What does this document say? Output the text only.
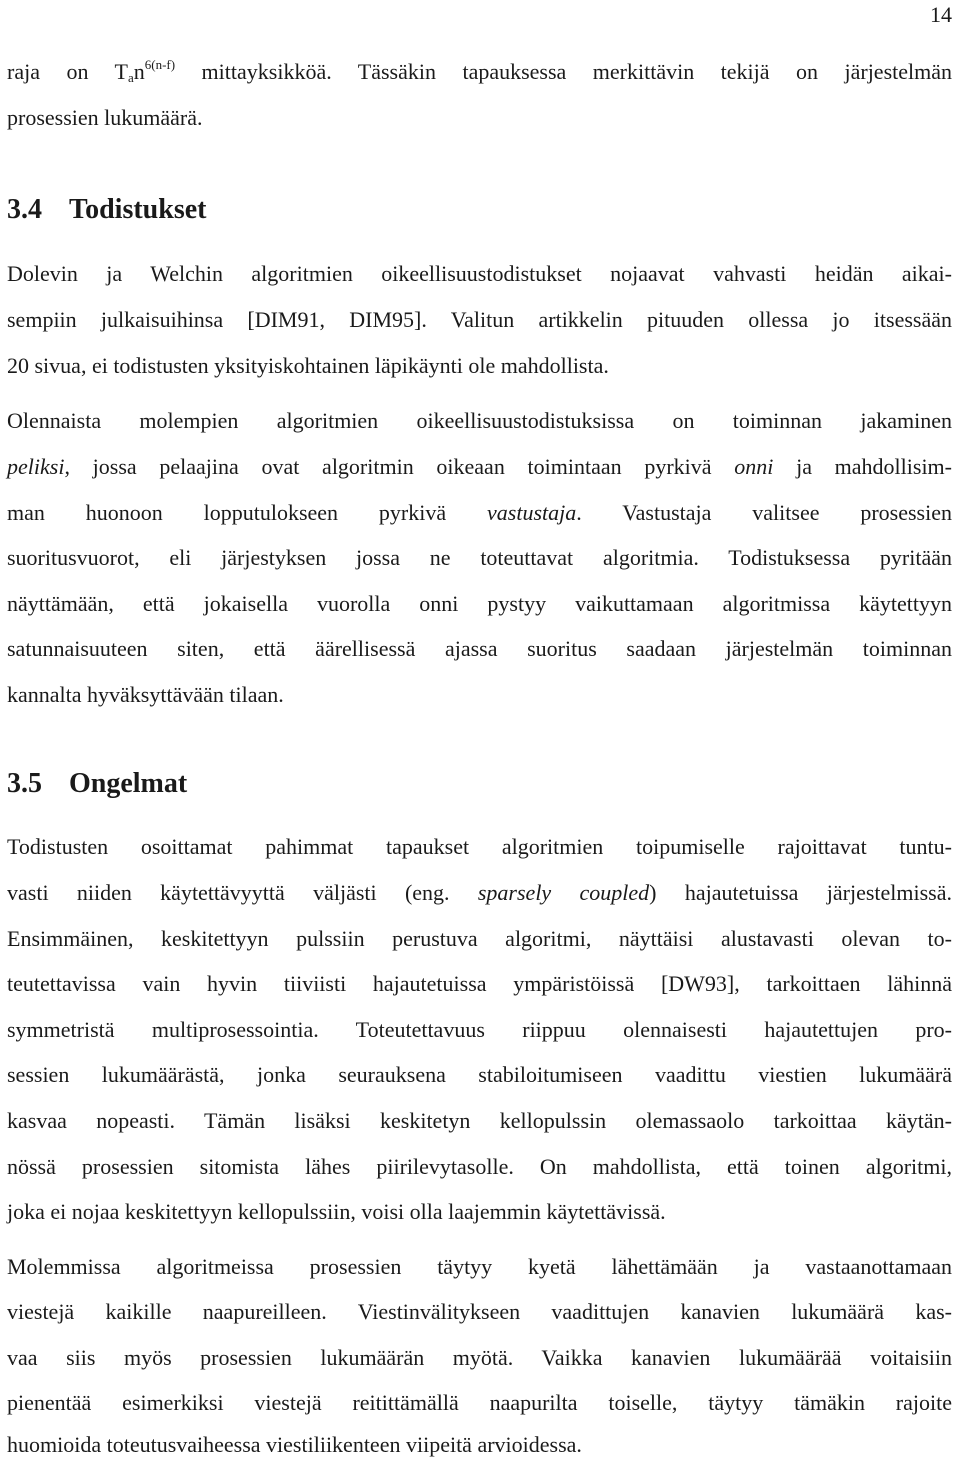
14
raja on $T_an^{6(n-f)}$ mittayksikköä. Tässäkin tapauksessa merkittävin tekijä on järjestelmän
prosessien lukumäärä.
3.4 Todistukset
Dolevin ja Welchin algoritmien oikeellisuustodistukset nojaavat vahvasti heidän aikai-
sempiin julkaisuihinsa [DIM91, DIM95]. Valitun artikkelin pituuden ollessa jo itsessään
20 sivua, ei todistusten yksityiskohtainen läpikäynti ole mahdollista.
Olennaista molempien algoritmien oikeellisuustodistuksissa on toiminnan jakaminen
peliksi, jossa pelaajina ovat algoritmin oikeaan toimintaan pyrkivä onni ja mahdollisim-
man huonoon lopputulokseen pyrkivä vastustaja. Vastustaja valitsee prosessien
suoritusvuorot, eli järjestyksen jossa ne toteuttavat algoritmia. Todistuksessa pyritään
näyttämään, että jokaisella vuorolla onni pystyy vaikuttamaan algoritmissa käytettyyn
satunnaisuuteen siten, että äärellisessä ajassa suoritus saadaan järjestelmän toiminnan
kannalta hyväksyttävään tilaan.
3.5 Ongelmat
Todistusten osoittamat pahimmat tapaukset algoritmien toipumiselle rajoittavat tuntu-
vasti niiden käytettävyyttä väljästi (eng. sparsely coupled) hajautetuissa järjestelmissä.
Ensimmäinen, keskitettyyn pulssiin perustuva algoritmi, näyttäisi alustavasti olevan to-
teutettavissa vain hyvin tiiviisti hajautetuissa ympäristöissä [DW93], tarkoittaen lähinnä
symmetristä multiprosessointia. Toteutettavuus riippuu olennaisesti hajautettujen pro-
sessien lukumäärästä, jonka seurauksena stabiloitumiseen vaadittu viestien lukumäärä
kasvaa nopeasti. Tämän lisäksi keskitetyn kellopulssin olemassaolo tarkoittaa käytän-
nössä prosessien sitomista lähes piirilevytasolle. On mahdollista, että toinen algoritmi,
joka ei nojaa keskitettyyn kellopulssiin, voisi olla laajemmin käytettävissä.
Molemmissa algoritmeissa prosessien täytyy kyetä lähettämään ja vastaanottamaan
viestejä kaikille naapureilleen. Viestinvälitykseen vaadittujen kanavien lukumäärä kas-
vaa siis myös prosessien lukumäärän myötä. Vaikka kanavien lukumäärää voitaisiin
pienentää esimerkiksi viestejä reitittämällä naapurilta toiselle, täytyy tämäkin rajoite
huomioida toteutusvaiheessa viestiliikenteen viipeitä arvioidessa.
